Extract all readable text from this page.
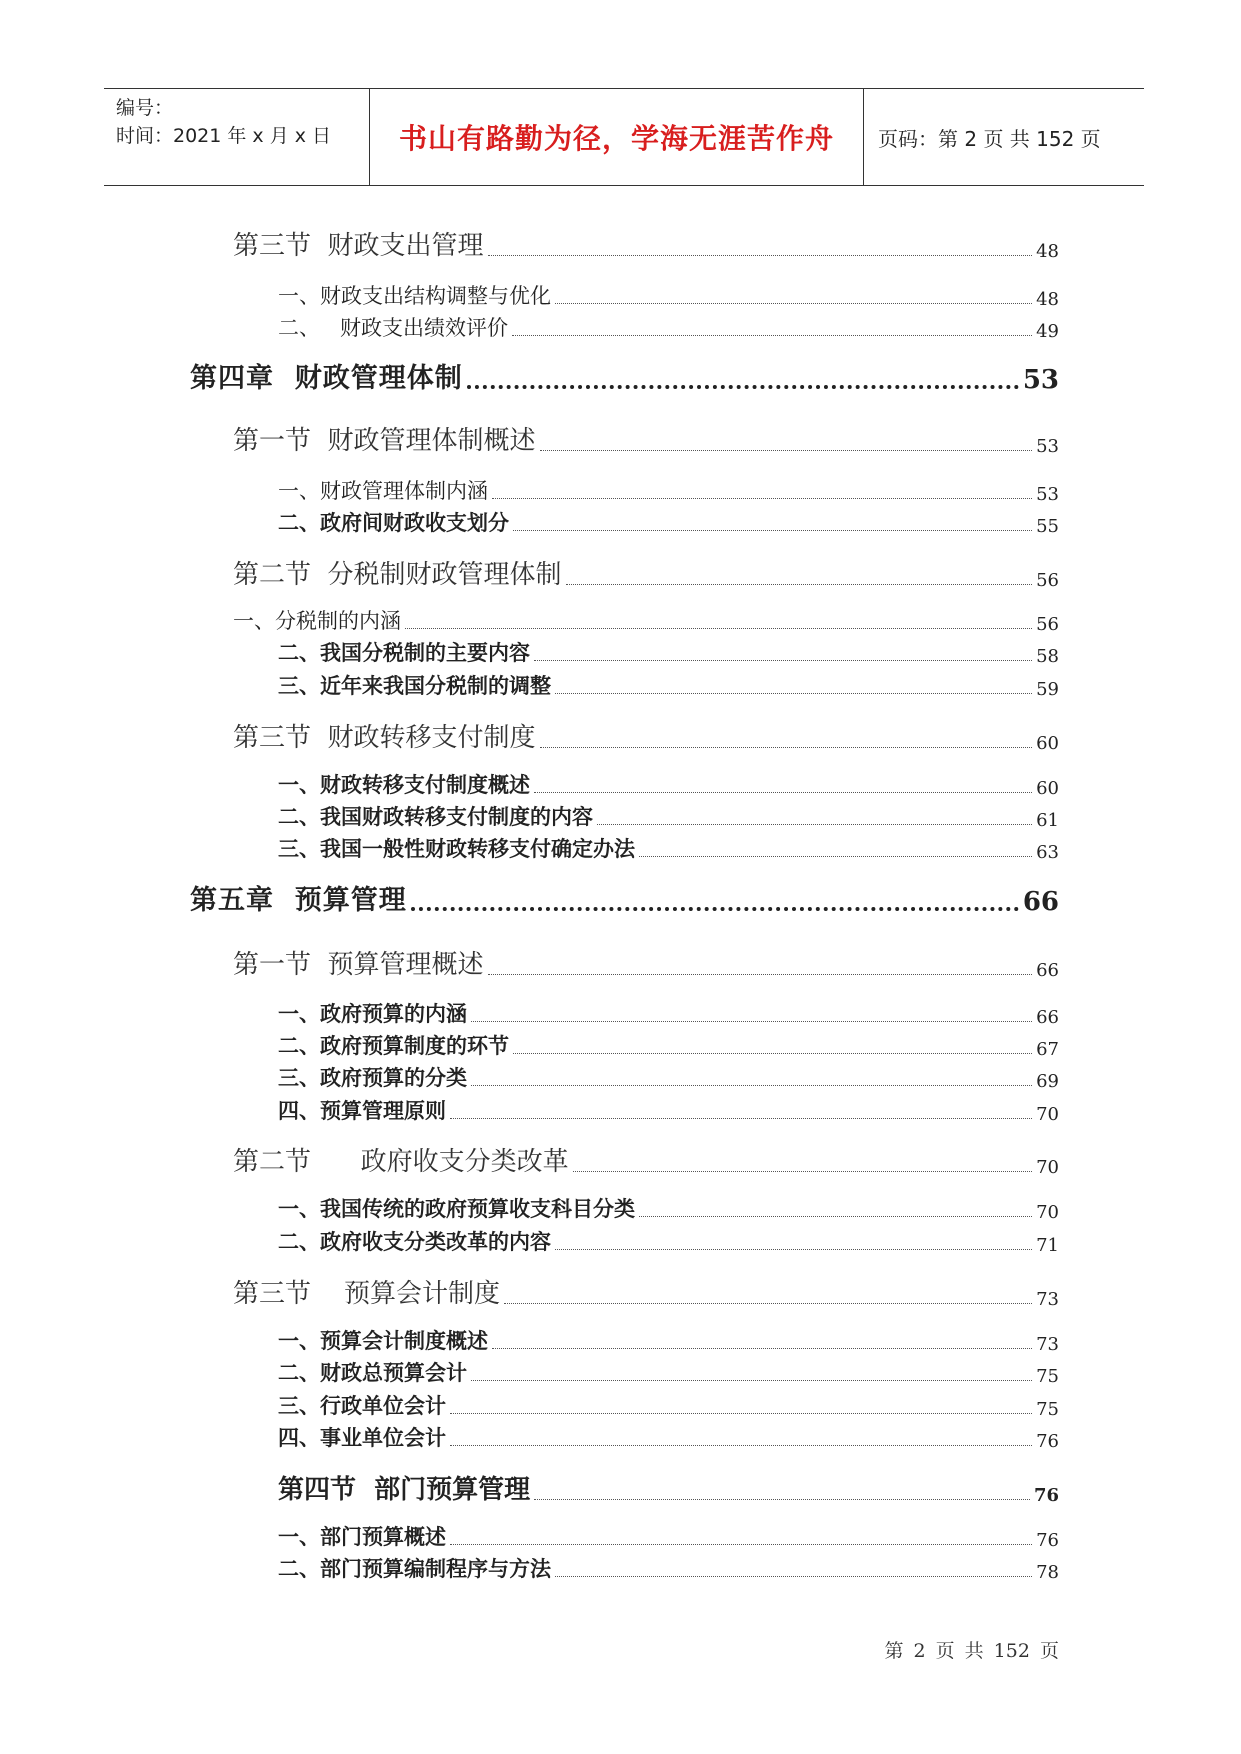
编号：
时间：2021 年 x 月 x 日 书山有路勤为径，学海无涯苦作舟	页码：第 2 页 共 152 页
第三节  财政支出管理	48
一、财政支出结构调整与优化	48
二、   财政支出绩效评价	49
第四章  财政管理体制	53
第一节  财政管理体制概述	53
一、财政管理体制内涵	53
二、政府间财政收支划分	55
第二节  分税制财政管理体制	56
一、分税制的内涵	56
二、我国分税制的主要内容	58
三、近年来我国分税制的调整	59
第三节  财政转移支付制度	60
一、财政转移支付制度概述	60
二、我国财政转移支付制度的内容	61
三、我国一般性财政转移支付确定办法	63
第五章  预算管理	66
第一节  预算管理概述	66
一、政府预算的内涵	66
二、政府预算制度的环节	67
三、政府预算的分类	69
四、预算管理原则	70
第二节      政府收支分类改革	70
一、我国传统的政府预算收支科目分类	70
二、政府收支分类改革的内容	71
第三节    预算会计制度	73
一、预算会计制度概述	73
二、财政总预算会计	75
三、行政单位会计	75
四、事业单位会计	76
第四节  部门预算管理	76
一、部门预算概述	76
二、部门预算编制程序与方法	78
第 2 页 共 152 页
